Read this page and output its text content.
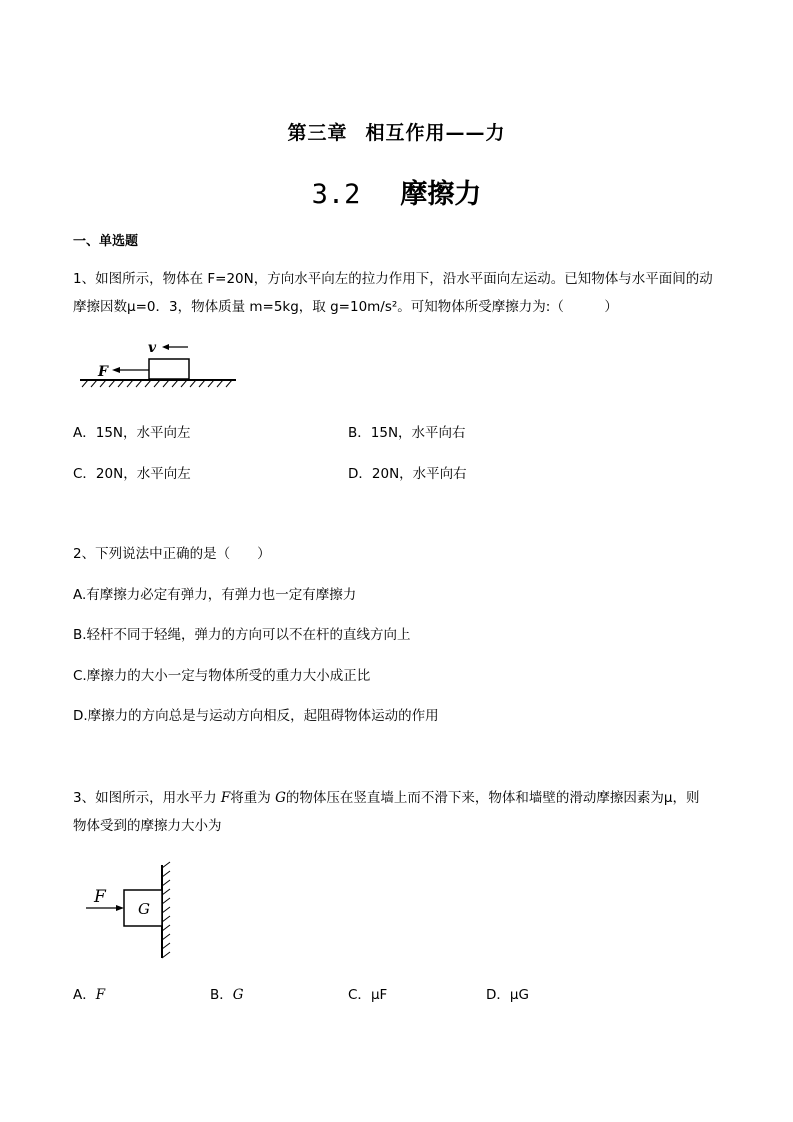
第三章 相互作用——力
3.2 摩擦力
一、单选题
1、如图所示，物体在 F=20N，方向水平向左的拉力作用下，沿水平面向左运动。已知物体与水平面间的动
摩擦因数μ=0．3，物体质量 m=5kg，取 g=10m/s²。可知物体所受摩擦力为:（　　　）
v
F
A．15N，水平向左	B．15N，水平向右
C．20N，水平向左	D．20N，水平向右
2、下列说法中正确的是（　　）
A.有摩擦力必定有弹力，有弹力也一定有摩擦力
B.轻杆不同于轻绳，弹力的方向可以不在杆的直线方向上
C.摩擦力的大小一定与物体所受的重力大小成正比
D.摩擦力的方向总是与运动方向相反，起阻碍物体运动的作用
3、如图所示，用水平力 F将重为 G的物体压在竖直墙上而不滑下来，物体和墙壁的滑动摩擦因素为μ，则
物体受到的摩擦力大小为
G
F
A．F	B．G	C．μF	D．μG
